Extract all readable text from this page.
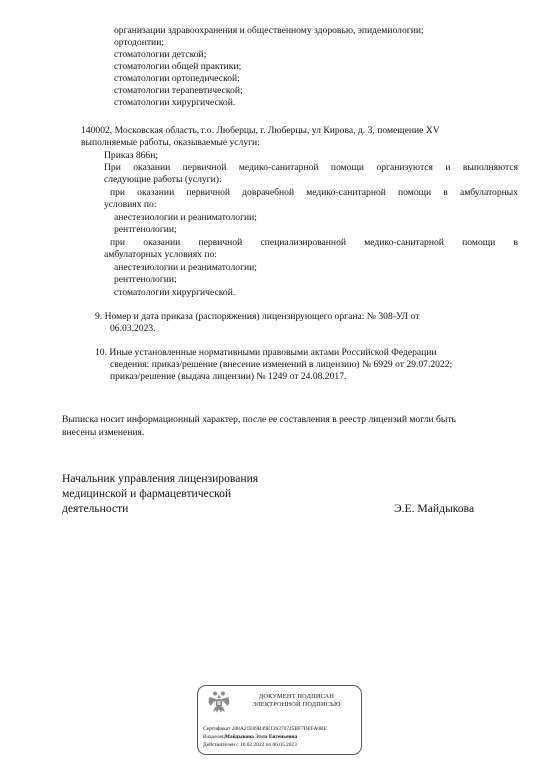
организации здравоохранения и общественному здоровью, эпидемиологии;
ортодонтии;
стоматологии детской;
стоматологии общей практики;
стоматологии ортопедической;
стоматологии терапевтической;
стоматологии хирургической.
140002, Московская область, г.о. Люберцы, г. Люберцы, ул Кирова, д. 3, помещение XV
выполняемые работы, оказываемые услуги:
Приказ 866н;
При оказании первичной медико-санитарной помощи организуются и выполняются
следующие работы (услуги):
при оказании первичной доврачебной медико-санитарной помощи в амбулаторных
условиях по:
анестезиологии и реаниматологии;
рентгенологии;
при оказании первичной специализированной медико-санитарной помощи в
амбулаторных условиях по:
анестезиологии и реаниматологии;
рентгенологии;
стоматологии хирургической.
9. Номер и дата приказа (распоряжения) лицензирующего органа: № 308-УЛ от
06.03.2023.
10. Иные установленные нормативными правовыми актами Российской Федерации
сведения: приказ/решение (внесение изменений в лицензию) № 6929 от 29.07.2022;
приказ/решение (выдача лицензии) № 1249 от 24.08.2017.
Выписка носит информационный характер, после ее составления в реестр лицензий могли быть
внесены изменения.
Начальник управления лицензирования
медицинской и фармацевтической
деятельности	Э.Е. Майдыкова
ДОКУМЕНТ ПОДПИСАН
ЭЛЕКТРОННОЙ ПОДПИСЬЮ
Сертификат 208A21E69B49E126370745BF7DEFA0BE
ВладелецМайдыкова Элла Евгеньевна
Действителен с 10.02.2022 по 06.05.2023
